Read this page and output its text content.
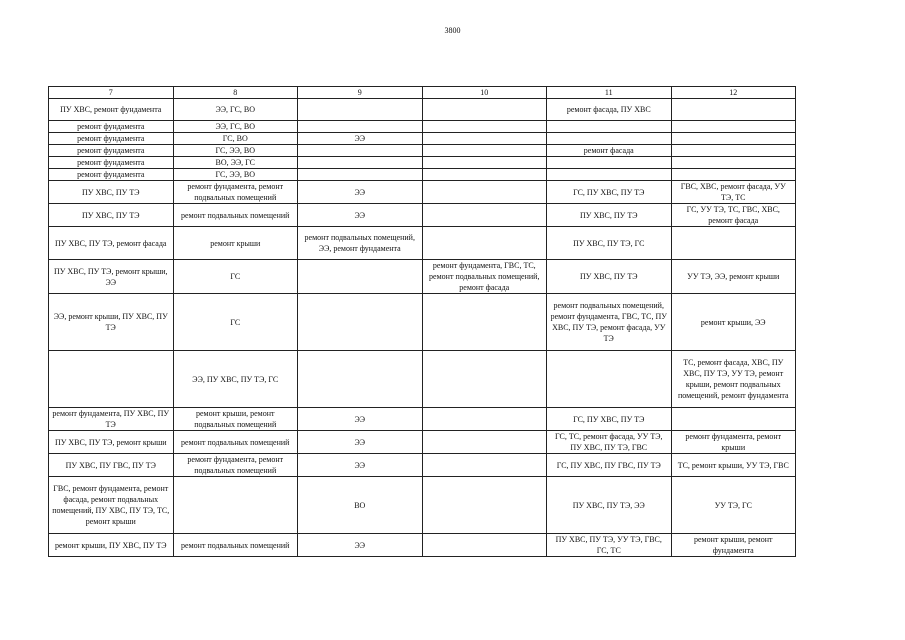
3800
7	8	9	10	11	12
ПУ ХВС, ремонт фундамента	ЭЭ, ГС, ВО			ремонт фасада, ПУ ХВС	
ремонт фундамента	ЭЭ, ГС, ВО				
ремонт фундамента	ГС, ВО	ЭЭ			
ремонт фундамента	ГС, ЭЭ, ВО			ремонт фасада	
ремонт фундамента	ВО, ЭЭ, ГС				
ремонт фундамента	ГС, ЭЭ, ВО				
ПУ ХВС, ПУ ТЭ	ремонт фундамента, ремонт подвальных помещений	ЭЭ		ГС, ПУ ХВС, ПУ ТЭ	ГВС, ХВС, ремонт фасада, УУ ТЭ, ТС
ПУ ХВС, ПУ ТЭ	ремонт подвальных помещений	ЭЭ		ПУ ХВС, ПУ ТЭ	ГС, УУ ТЭ, ТС, ГВС, ХВС, ремонт фасада
ПУ ХВС, ПУ ТЭ, ремонт фасада	ремонт крыши	ремонт подвальных помещений, ЭЭ, ремонт фундамента		ПУ ХВС, ПУ ТЭ, ГС	
ПУ ХВС, ПУ ТЭ, ремонт крыши, ЭЭ	ГС		ремонт фундамента, ГВС, ТС, ремонт подвальных помещений, ремонт фасада	ПУ ХВС, ПУ ТЭ	УУ ТЭ, ЭЭ, ремонт крыши
ЭЭ, ремонт крыши, ПУ ХВС, ПУ ТЭ	ГС			ремонт подвальных помещений, ремонт фундамента, ГВС, ТС, ПУ ХВС, ПУ ТЭ, ремонт фасада, УУ ТЭ	ремонт крыши, ЭЭ
	ЭЭ, ПУ ХВС, ПУ ТЭ, ГС				ТС, ремонт фасада, ХВС, ПУ ХВС, ПУ ТЭ, УУ ТЭ, ремонт крыши, ремонт подвальных помещений, ремонт фундамента
ремонт фундамента, ПУ ХВС, ПУ ТЭ	ремонт крыши, ремонт подвальных помещений	ЭЭ		ГС, ПУ ХВС, ПУ ТЭ	
ПУ ХВС, ПУ ТЭ, ремонт крыши	ремонт подвальных помещений	ЭЭ		ГС, ТС, ремонт фасада, УУ ТЭ, ПУ ХВС, ПУ ТЭ, ГВС	ремонт фундамента, ремонт крыши
ПУ ХВС, ПУ ГВС, ПУ ТЭ	ремонт фундамента, ремонт подвальных помещений	ЭЭ		ГС, ПУ ХВС, ПУ ГВС, ПУ ТЭ	ТС, ремонт крыши, УУ ТЭ, ГВС
ГВС, ремонт фундамента, ремонт фасада, ремонт подвальных помещений, ПУ ХВС, ПУ ТЭ, ТС, ремонт крыши		ВО		ПУ ХВС, ПУ ТЭ, ЭЭ	УУ ТЭ, ГС
ремонт крыши, ПУ ХВС, ПУ ТЭ	ремонт подвальных помещений	ЭЭ		ПУ ХВС, ПУ ТЭ, УУ ТЭ, ГВС, ГС, ТС	ремонт крыши, ремонт фундамента
